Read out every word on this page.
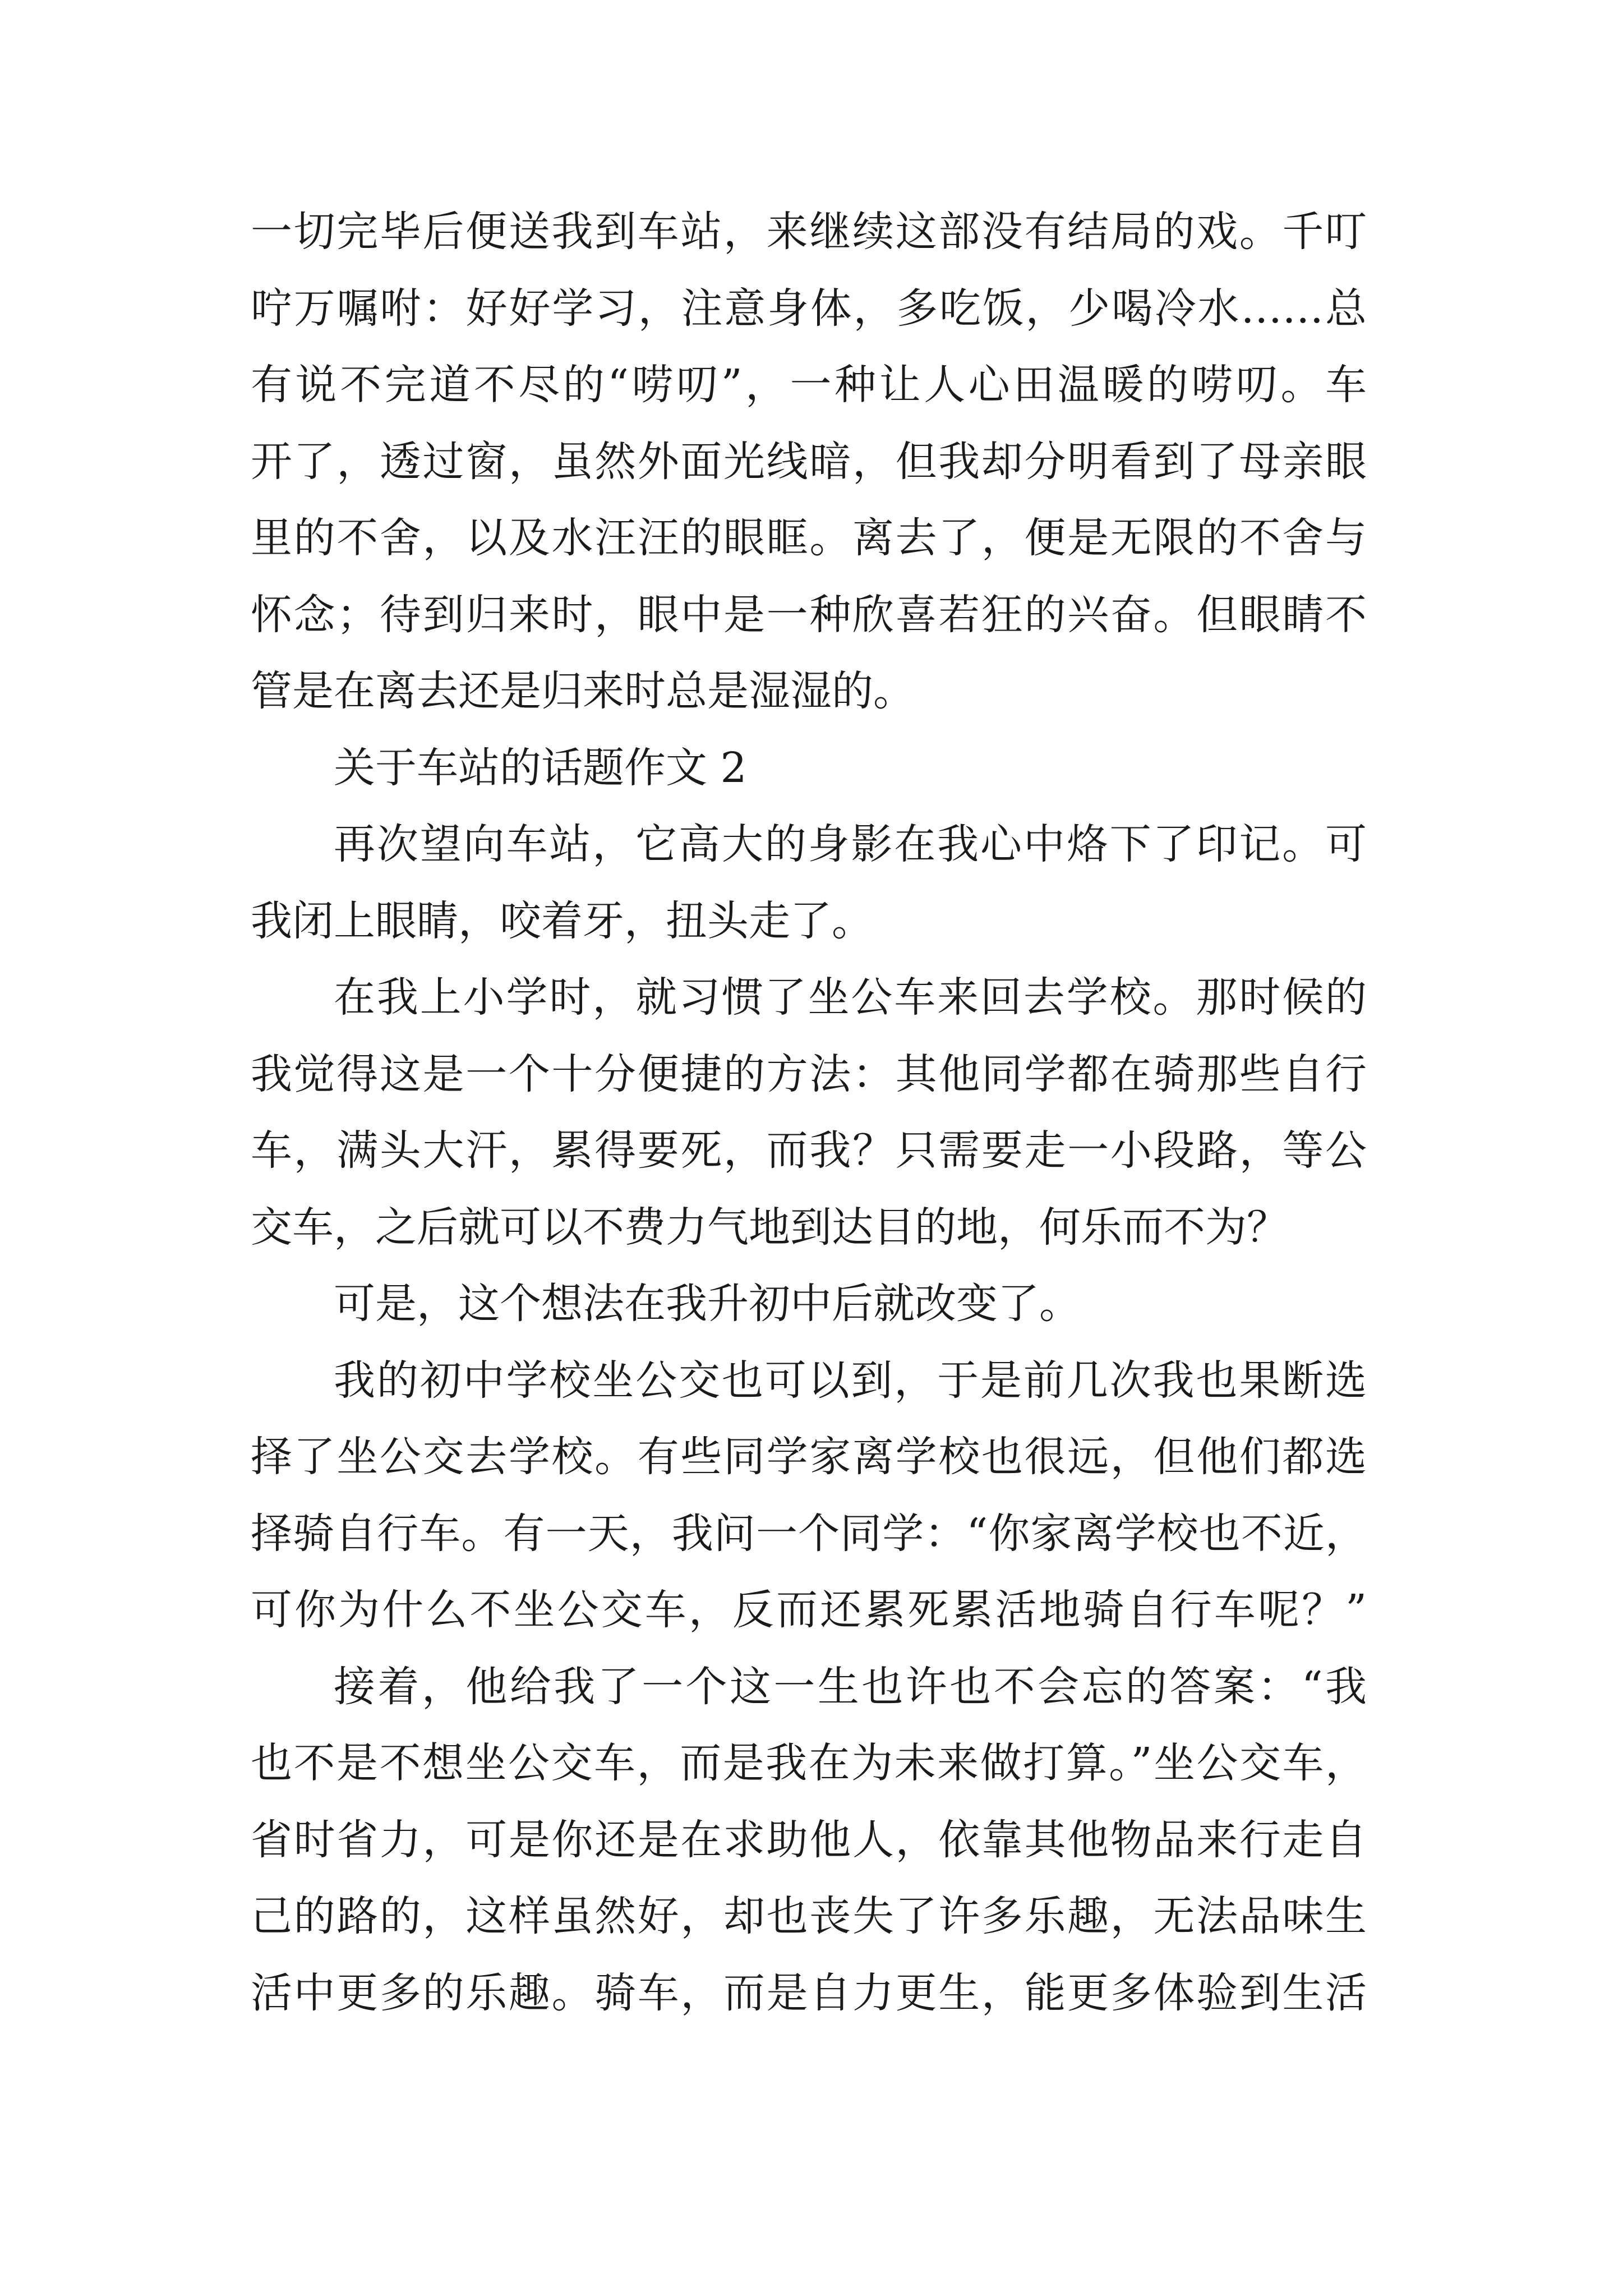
一切完毕后便送我到车站，来继续这部没有结局的戏。千叮
咛万嘱咐：好好学习，注意身体，多吃饭，少喝冷水……总
有说不完道不尽的“唠叨”，一种让人心田温暖的唠叨。车
开了，透过窗，虽然外面光线暗，但我却分明看到了母亲眼
里的不舍，以及水汪汪的眼眶。离去了，便是无限的不舍与
怀念；待到归来时，眼中是一种欣喜若狂的兴奋。但眼睛不
管是在离去还是归来时总是湿湿的。
关于车站的话题作文 2
再次望向车站，它高大的身影在我心中烙下了印记。可
我闭上眼睛，咬着牙，扭头走了。
在我上小学时，就习惯了坐公车来回去学校。那时候的
我觉得这是一个十分便捷的方法：其他同学都在骑那些自行
车，满头大汗，累得要死，而我？只需要走一小段路，等公
交车，之后就可以不费力气地到达目的地，何乐而不为？
可是，这个想法在我升初中后就改变了。
我的初中学校坐公交也可以到，于是前几次我也果断选
择了坐公交去学校。有些同学家离学校也很远，但他们都选
择骑自行车。有一天，我问一个同学：“你家离学校也不近，
可你为什么不坐公交车，反而还累死累活地骑自行车呢？”
接着，他给我了一个这一生也许也不会忘的答案：“我
也不是不想坐公交车，而是我在为未来做打算。”坐公交车，
省时省力，可是你还是在求助他人，依靠其他物品来行走自
己的路的，这样虽然好，却也丧失了许多乐趣，无法品味生
活中更多的乐趣。骑车，而是自力更生，能更多体验到生活
